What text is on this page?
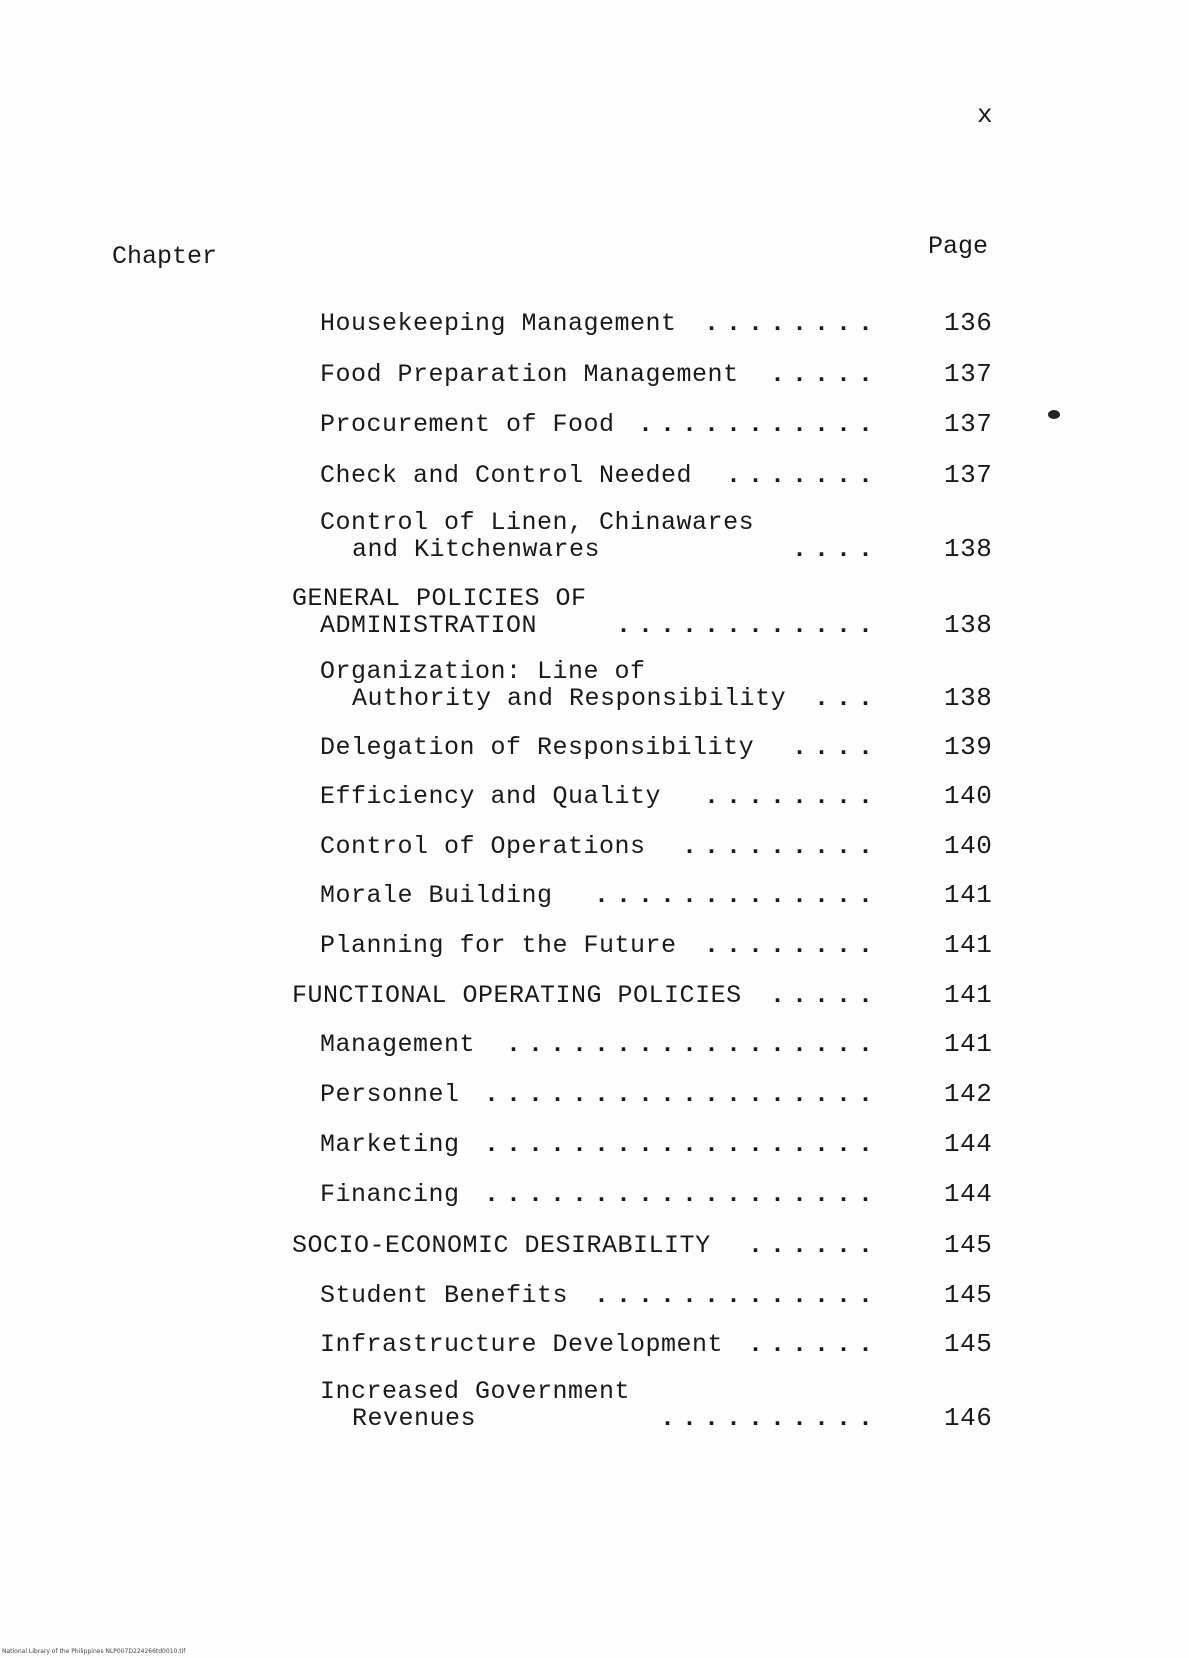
x
Chapter	Page
Housekeeping Management	136
........
Food Preparation Management	137
.....
Procurement of Food	137
...........
Check and Control Needed	137
.......
Control of Linen, Chinawares
and Kitchenwares	138
....
GENERAL POLICIES OF
ADMINISTRATION	138
............
Organization: Line of
Authority and Responsibility	138
...
Delegation of Responsibility	139
....
Efficiency and Quality	140
........
Control of Operations	140
.........
Morale Building	141
.............
Planning for the Future	141
........
FUNCTIONAL OPERATING POLICIES	141
.....
Management	141
.................
Personnel	142
..................
Marketing	144
..................
Financing	144
..................
SOCIO-ECONOMIC DESIRABILITY	145
......
Student Benefits	145
.............
Infrastructure Development	145
......
Increased Government
Revenues	146
..........
National Library of the Philippines NLP007D224266td0010.tif
